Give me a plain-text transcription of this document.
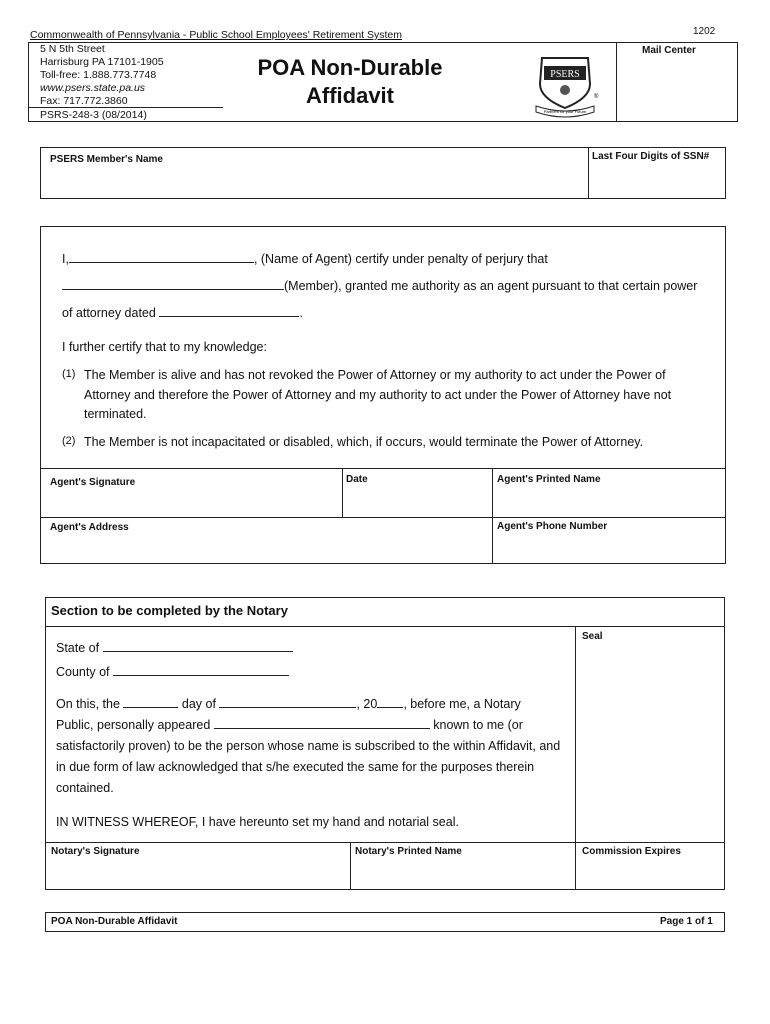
Commonwealth of Pennsylvania - Public School Employees' Retirement System	1202
5 N 5th Street
Harrisburg PA 17101-1905
Toll-free: 1.888.773.7748
www.psers.state.pa.us
Fax: 717.772.3860
PSRS-248-3 (08/2014)
POA Non-Durable
Affidavit
PSERS
Partners for your Future
®
Mail Center
PSERS Member's Name	Last Four Digits of SSN#
I,	, (Name of Agent) certify under penalty of perjury that
(Member), granted me authority as an agent pursuant to that certain power
of attorney dated	.
I further certify that to my knowledge:
(1) The Member is alive and has not revoked the Power of Attorney or my authority to act under the Power of Attorney and therefore the Power of Attorney and my authority to act under the Power of Attorney have not terminated.
(2) The Member is not incapacitated or disabled, which, if occurs, would terminate the Power of Attorney.
Agent's Signature	Date	Agent's Printed Name
Agent's Address	Agent's Phone Number
Section to be completed by the Notary
Seal
State of
County of
On this, the	day of	, 20 , before me, a Notary
Public, personally appeared	known to me (or
satisfactorily proven) to be the person whose name is subscribed to the within Affidavit, and
in due form of law acknowledged that s/he executed the same for the purposes therein
contained.
IN WITNESS WHEREOF, I have hereunto set my hand and notarial seal.
Notary's Signature	Notary's Printed Name	Commission Expires
POA Non-Durable Affidavit	Page 1 of 1
